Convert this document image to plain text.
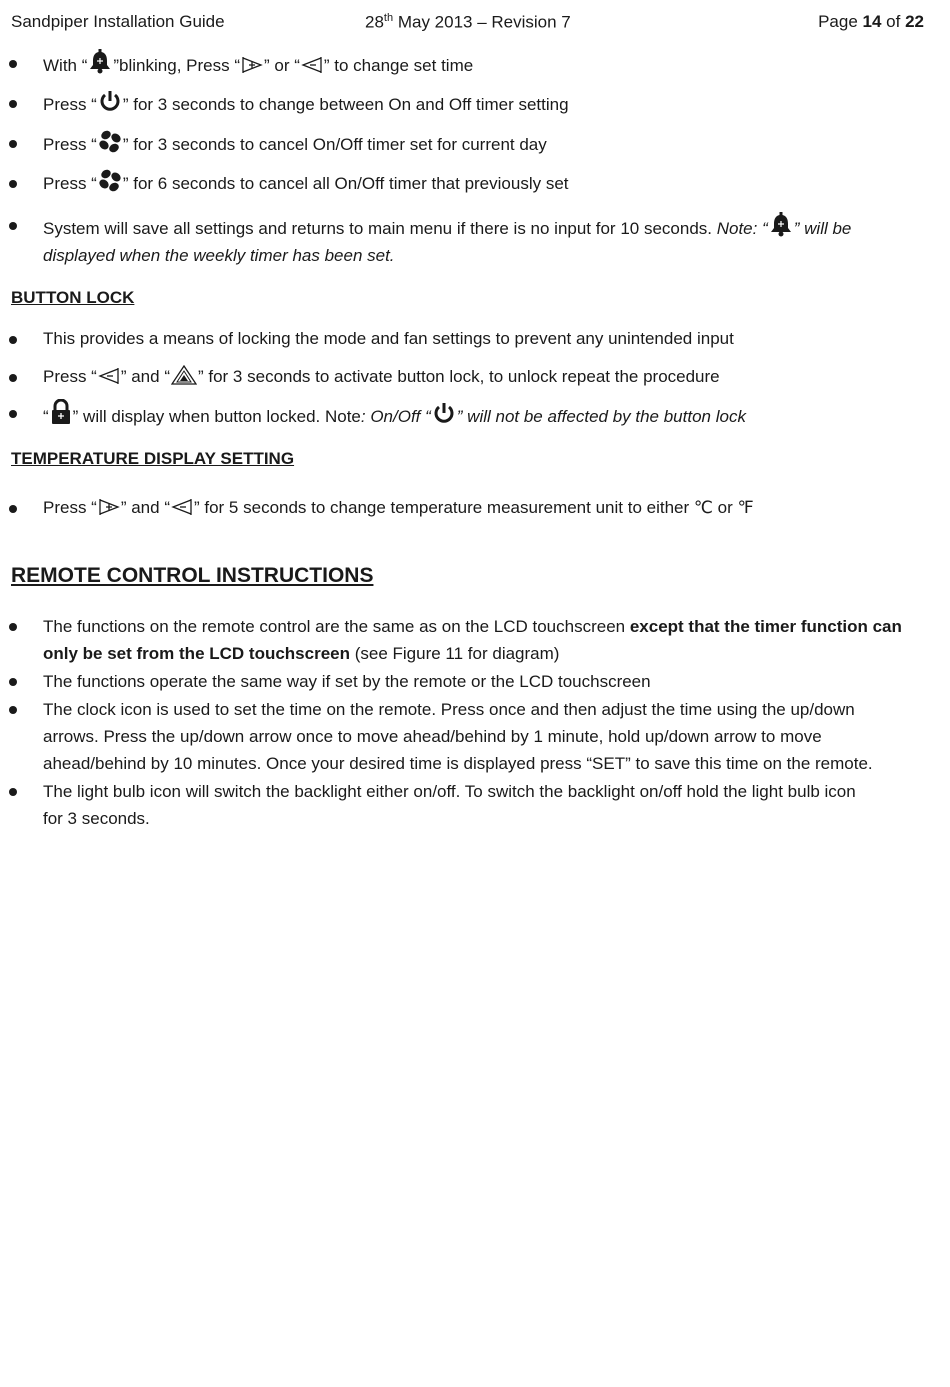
Sandpiper Installation Guide	28th May 2013 – Revision 7	Page 14 of 22
With “ ”blinking, Press “ ” or “ ” to change set time
Press “ ” for 3 seconds to change between On and Off timer setting
Press “ ” for 3 seconds to cancel On/Off timer set for current day
Press “ ” for 6 seconds to cancel all On/Off timer that previously set
System will save all settings and returns to main menu if there is no input for 10 seconds. Note: “ ” will be
displayed when the weekly timer has been set.
BUTTON LOCK
This provides a means of locking the mode and fan settings to prevent any unintended input
Press “ ” and “ ” for 3 seconds to activate button lock, to unlock repeat the procedure
“ ” will display when button locked. Note: On/Off “ ” will not be affected by the button lock
TEMPERATURE DISPLAY SETTING
Press “ ” and “ ” for 5 seconds to change temperature measurement unit to either ℃ or ℉
REMOTE CONTROL INSTRUCTIONS
The functions on the remote control are the same as on the LCD touchscreen except that the timer function can
only be set from the LCD touchscreen (see Figure 11 for diagram)
The functions operate the same way if set by the remote or the LCD touchscreen
The clock icon is used to set the time on the remote. Press once and then adjust the time using the up/down
arrows. Press the up/down arrow once to move ahead/behind by 1 minute, hold up/down arrow to move
ahead/behind by 10 minutes. Once your desired time is displayed press “SET” to save this time on the remote.
The light bulb icon will switch the backlight either on/off. To switch the backlight on/off hold the light bulb icon
for 3 seconds.
